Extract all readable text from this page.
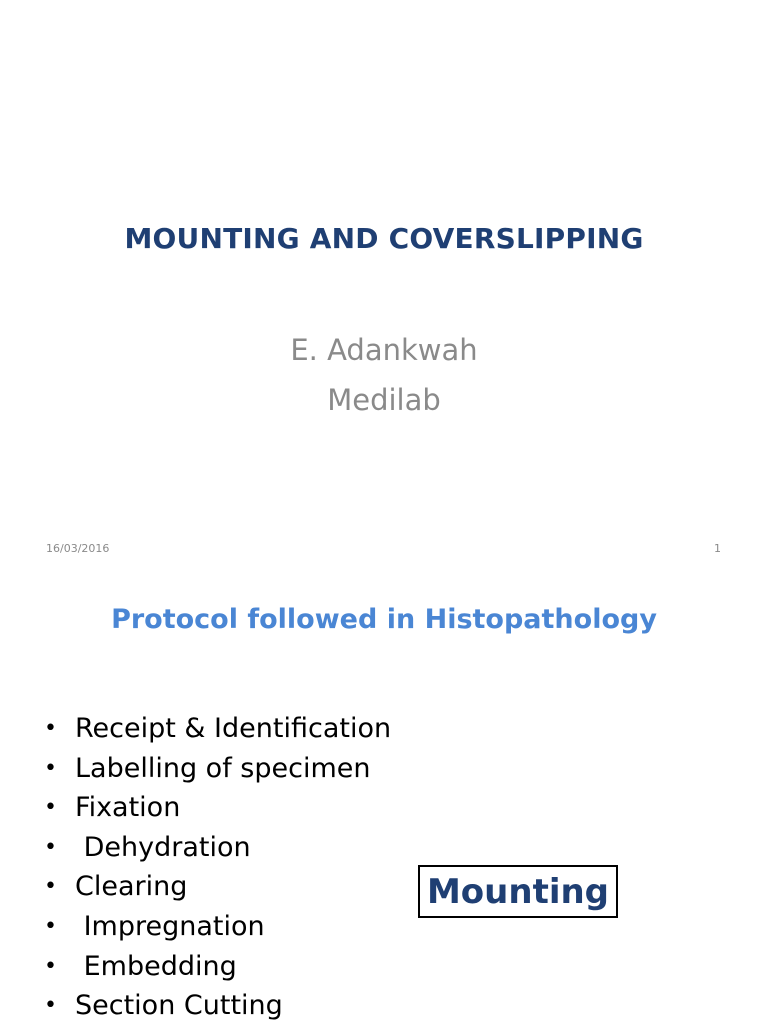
MOUNTING AND COVERSLIPPING
E. Adankwah
Medilab
16/03/2016	1
Protocol followed in Histopathology
• Receipt & Identification
• Labelling of specimen
• Fixation
• Dehydration
• Clearing
• Impregnation
• Embedding
• Section Cutting
Mounting
